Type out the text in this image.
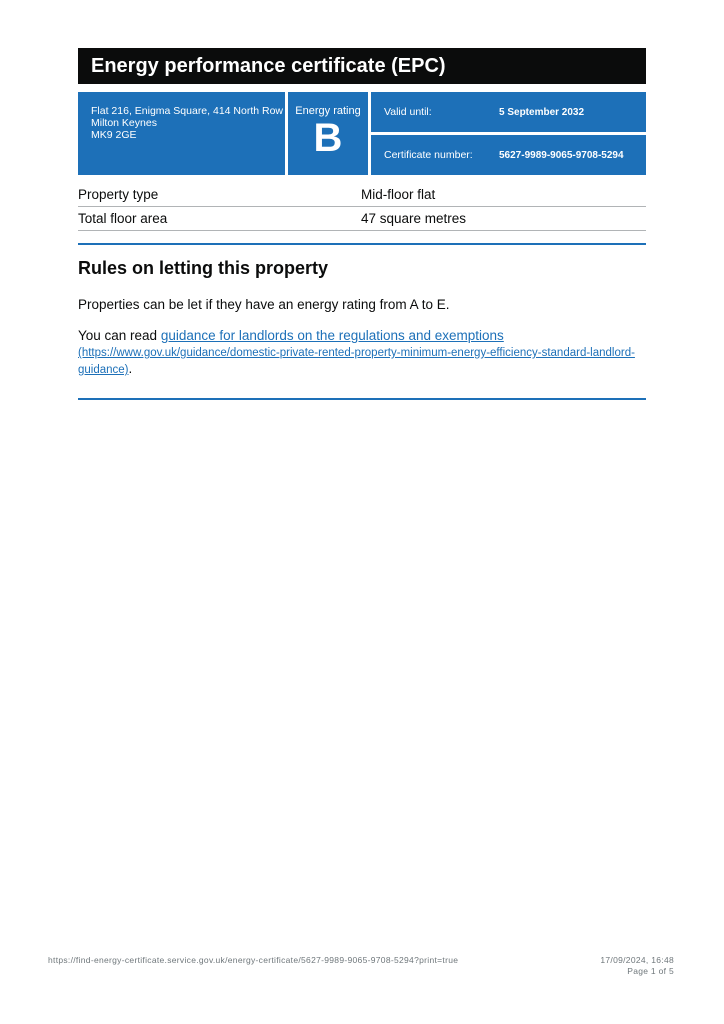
Energy performance certificate (EPC)
Flat 216, Enigma Square, 414 North Row
Milton Keynes
MK9 2GE
Energy rating
B
Valid until:	5 September 2032
Certificate number:	5627-9989-9065-9708-5294
Property type	Mid-floor flat
Total floor area	47 square metres
Rules on letting this property

Properties can be let if they have an energy rating from A to E.

You can read guidance for landlords on the regulations and exemptions
(https://www.gov.uk/guidance/domestic-private-rented-property-minimum-energy-efficiency-standard-landlord-guidance).

https://find-energy-certificate.service.gov.uk/energy-certificate/5627-9989-9065-9708-5294?print=true	17/09/2024, 16:48
Page 1 of 5
